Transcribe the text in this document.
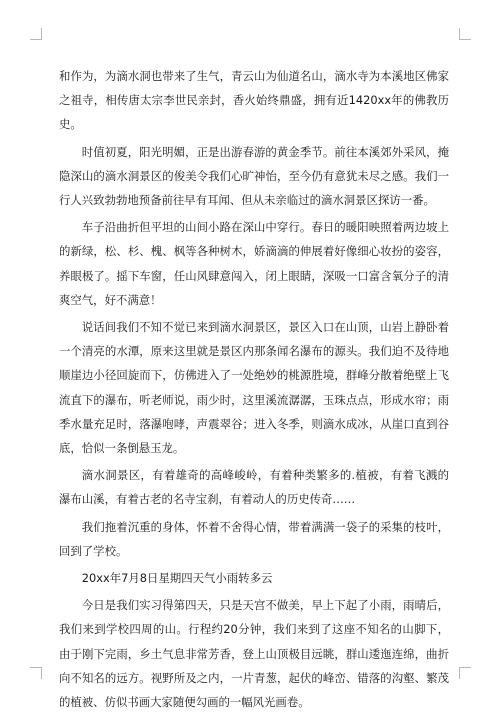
和作为，为滴水洞也带来了生气，青云山为仙道名山，滴水寺为本溪地区佛家之祖寺，相传唐太宗李世民亲封，香火始终鼎盛，拥有近1420xx年的佛教历史。

时值初夏，阳光明媚，正是出游春游的黄金季节。前往本溪郊外采风，掩隐深山的滴水洞景区的俊美令我们心旷神怡，至今仍有意犹未尽之感。我们一行人兴致勃勃地预备前往早有耳闻、但从未亲临过的滴水洞景区探访一番。

车子沿曲折但平坦的山间小路在深山中穿行。春日的暖阳映照着两边坡上的新绿，松、杉、槐、枫等各种树木，娇滴滴的伸展着好像细心妆扮的姿容，养眼极了。摇下车窗，任山风肆意闯入，闭上眼睛，深吸一口富含氧分子的清爽空气，好不满意！

说话间我们不知不觉已来到滴水洞景区，景区入口在山顶，山岩上静卧着一个清亮的水潭，原来这里就是景区内那条闻名瀑布的源头。我们迫不及待地顺崖边小径回旋而下，仿佛进入了一处绝妙的桃源胜境，群峰分散着绝壁上飞流直下的瀑布，听老师说，雨少时，这里溪流潺潺，玉珠点点，形成水帘；雨季水量充足时，落瀑咆哮，声震翠谷；进入冬季，则滴水成冰，从崖口直到谷底，恰似一条倒悬玉龙。

滴水洞景区，有着雄奇的高峰峻岭，有着种类繁多的.植被，有着飞溅的瀑布山溪，有着古老的名寺宝刹，有着动人的历史传奇……

我们拖着沉重的身体，怀着不舍得心情，带着满满一袋子的采集的枝叶，回到了学校。

20xx年7月8日星期四天气小雨转多云

今日是我们实习得第四天，只是天宫不做美，早上下起了小雨，雨晴后，我们来到学校四周的山。行程约20分钟，我们来到了这座不知名的山脚下，由于刚下完雨，乡土气息非常芳香，登上山顶极目远眺，群山逶迤连绵，曲折向不知名的远方。视野所及之内，一片青葱，起伏的峰峦、错落的沟壑、繁茂的植被、仿似书画大家随便勾画的一幅风光画卷。
